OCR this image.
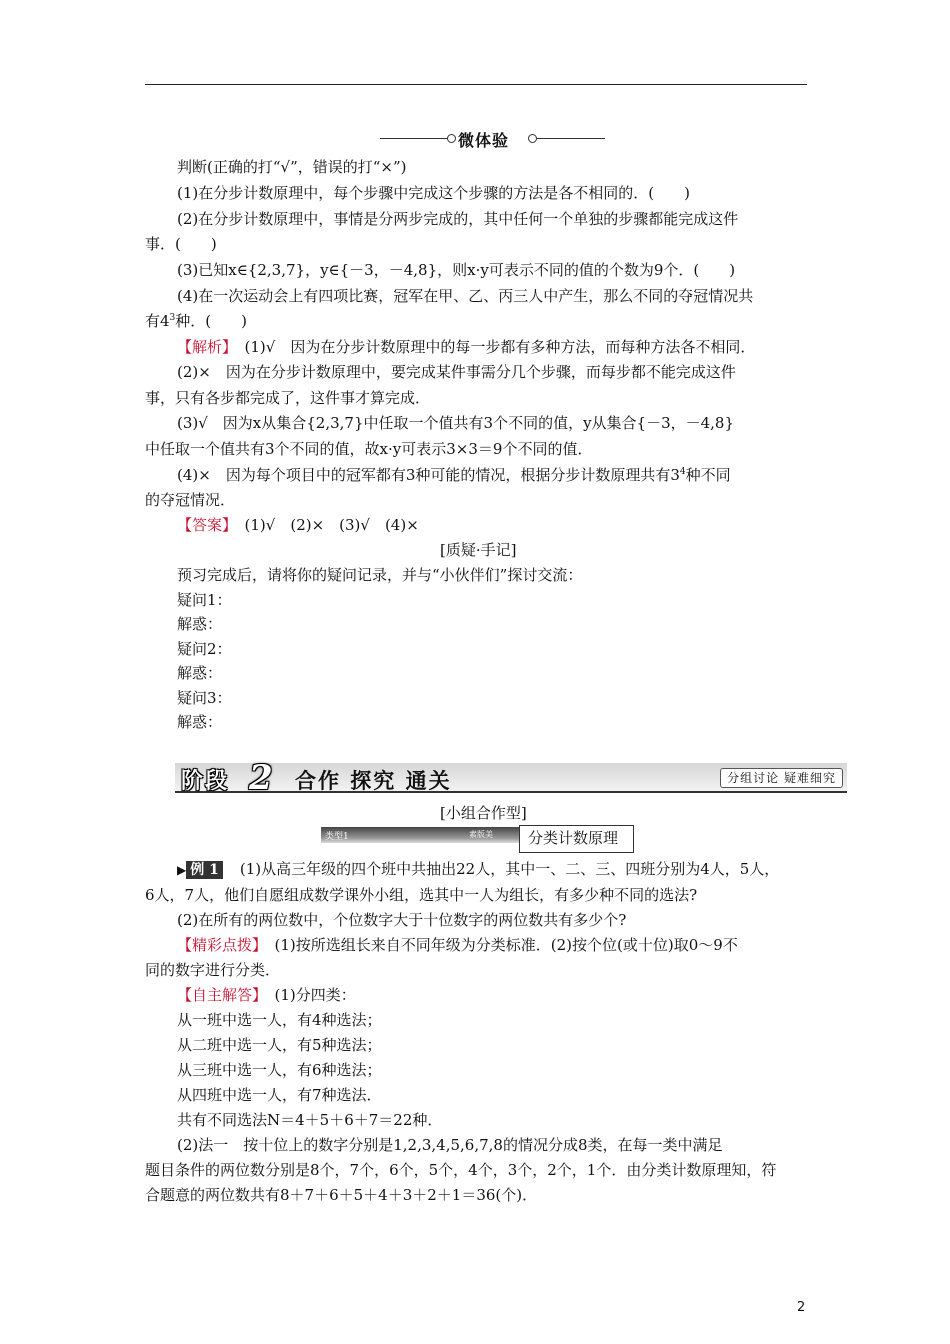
微体验
判断(正确的打“√”，错误的打“×”)
(1)在分步计数原理中，每个步骤中完成这个步骤的方法是各不相同的．(　　)
(2)在分步计数原理中，事情是分两步完成的，其中任何一个单独的步骤都能完成这件
事．(　　)
(3)已知x∈{2,3,7}，y∈{－3，－4,8}，则x·y可表示不同的值的个数为9个．(　　)
(4)在一次运动会上有四项比赛，冠军在甲、乙、丙三人中产生，那么不同的夺冠情况共
有$4^3$种．(　　)
【解析】　 (1)√　因为在分步计数原理中的每一步都有多种方法，而每种方法各不相同．
(2)×　因为在分步计数原理中，要完成某件事需分几个步骤，而每步都不能完成这件
事，只有各步都完成了，这件事才算完成．
(3)√　因为x从集合{2,3,7}中任取一个值共有3个不同的值，y从集合{－3，－4,8}
中任取一个值共有3个不同的值，故x·y可表示3×3＝9个不同的值．
(4)×　因为每个项目中的冠军都有3种可能的情况，根据分步计数原理共有$3^4$种不同
的夺冠情况．
【答案】　 (1)√　(2)×　(3)√　(4)×
[质疑·手记]
预习完成后，请将你的疑问记录，并与“小伙伴们”探讨交流：
疑问1：
解惑：
疑问2：
解惑：
疑问3：
解惑：
阶段 2 合作 探究 通关	分组讨论 疑难细究
[小组合作型]
类型1	素版美 分类计数原理
▶ 例 1　 (1)从高三年级的四个班中共抽出22人，其中一、二、三、四班分别为4人，5人，
6人，7人，他们自愿组成数学课外小组，选其中一人为组长，有多少种不同的选法?
(2)在所有的两位数中，个位数字大于十位数字的两位数共有多少个?
【精彩点拨】　 (1)按所选组长来自不同年级为分类标准．(2)按个位(或十位)取0～9不
同的数字进行分类．
【自主解答】　 (1)分四类：
从一班中选一人，有4种选法；
从二班中选一人，有5种选法；
从三班中选一人，有6种选法；
从四班中选一人，有7种选法．
共有不同选法N＝4＋5＋6＋7＝22种．
(2)法一　按十位上的数字分别是1,2,3,4,5,6,7,8的情况分成8类，在每一类中满足
题目条件的两位数分别是8个，7个，6个，5个，4个，3个，2个，1个．由分类计数原理知，符
合题意的两位数共有8＋7＋6＋5＋4＋3＋2＋1＝36(个)．
2
